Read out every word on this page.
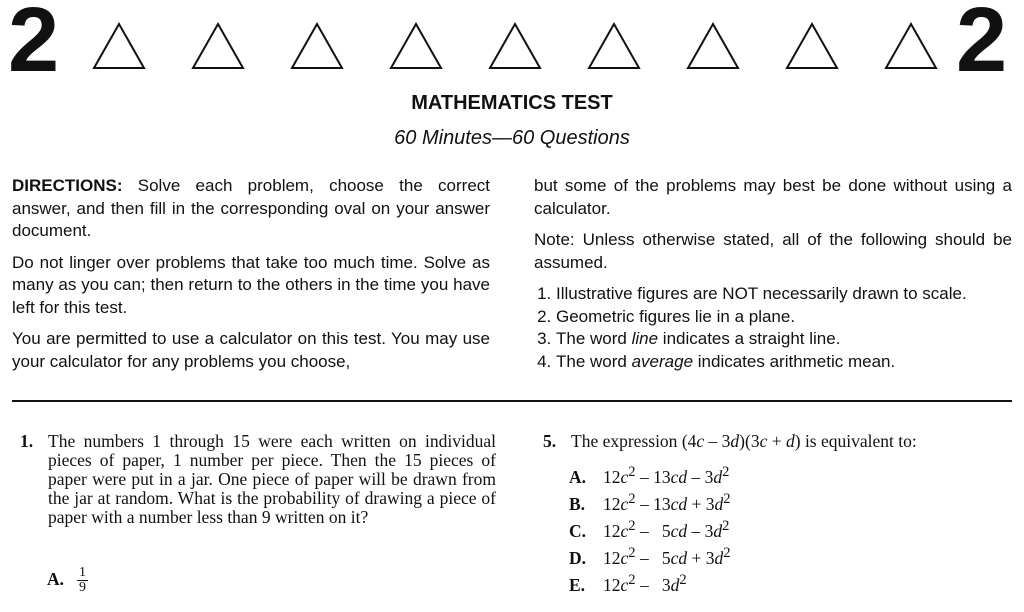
2	2
MATHEMATICS TEST
60 Minutes—60 Questions

DIRECTIONS: Solve each problem, choose the correct answer, and then fill in the corresponding oval on your answer document.

Do not linger over problems that take too much time. Solve as many as you can; then return to the others in the time you have left for this test.

You are permitted to use a calculator on this test. You may use your calculator for any problems you choose,

but some of the problems may best be done without using a calculator.

Note: Unless otherwise stated, all of the following should be assumed.

1. Illustrative figures are NOT necessarily drawn to scale.
2. Geometric figures lie in a plane.
3. The word line indicates a straight line.
4. The word average indicates arithmetic mean.
1. The numbers 1 through 15 were each written on individual pieces of paper, 1 number per piece. Then the 15 pieces of paper were put in a jar. One piece of paper will be drawn from the jar at random. What is the probability of drawing a piece of paper with a number less than 9 written on it?
A. $\frac{1}{9}$
5. The expression (4c – 3d)(3c + d) is equivalent to:
A. $12c^2 - 13cd - 3d^2$
B. $12c^2 - 13cd + 3d^2$
C. $12c^2 - 5cd - 3d^2$
D. $12c^2 - 5cd + 3d^2$
E. $12c^2 - 3d^2$
